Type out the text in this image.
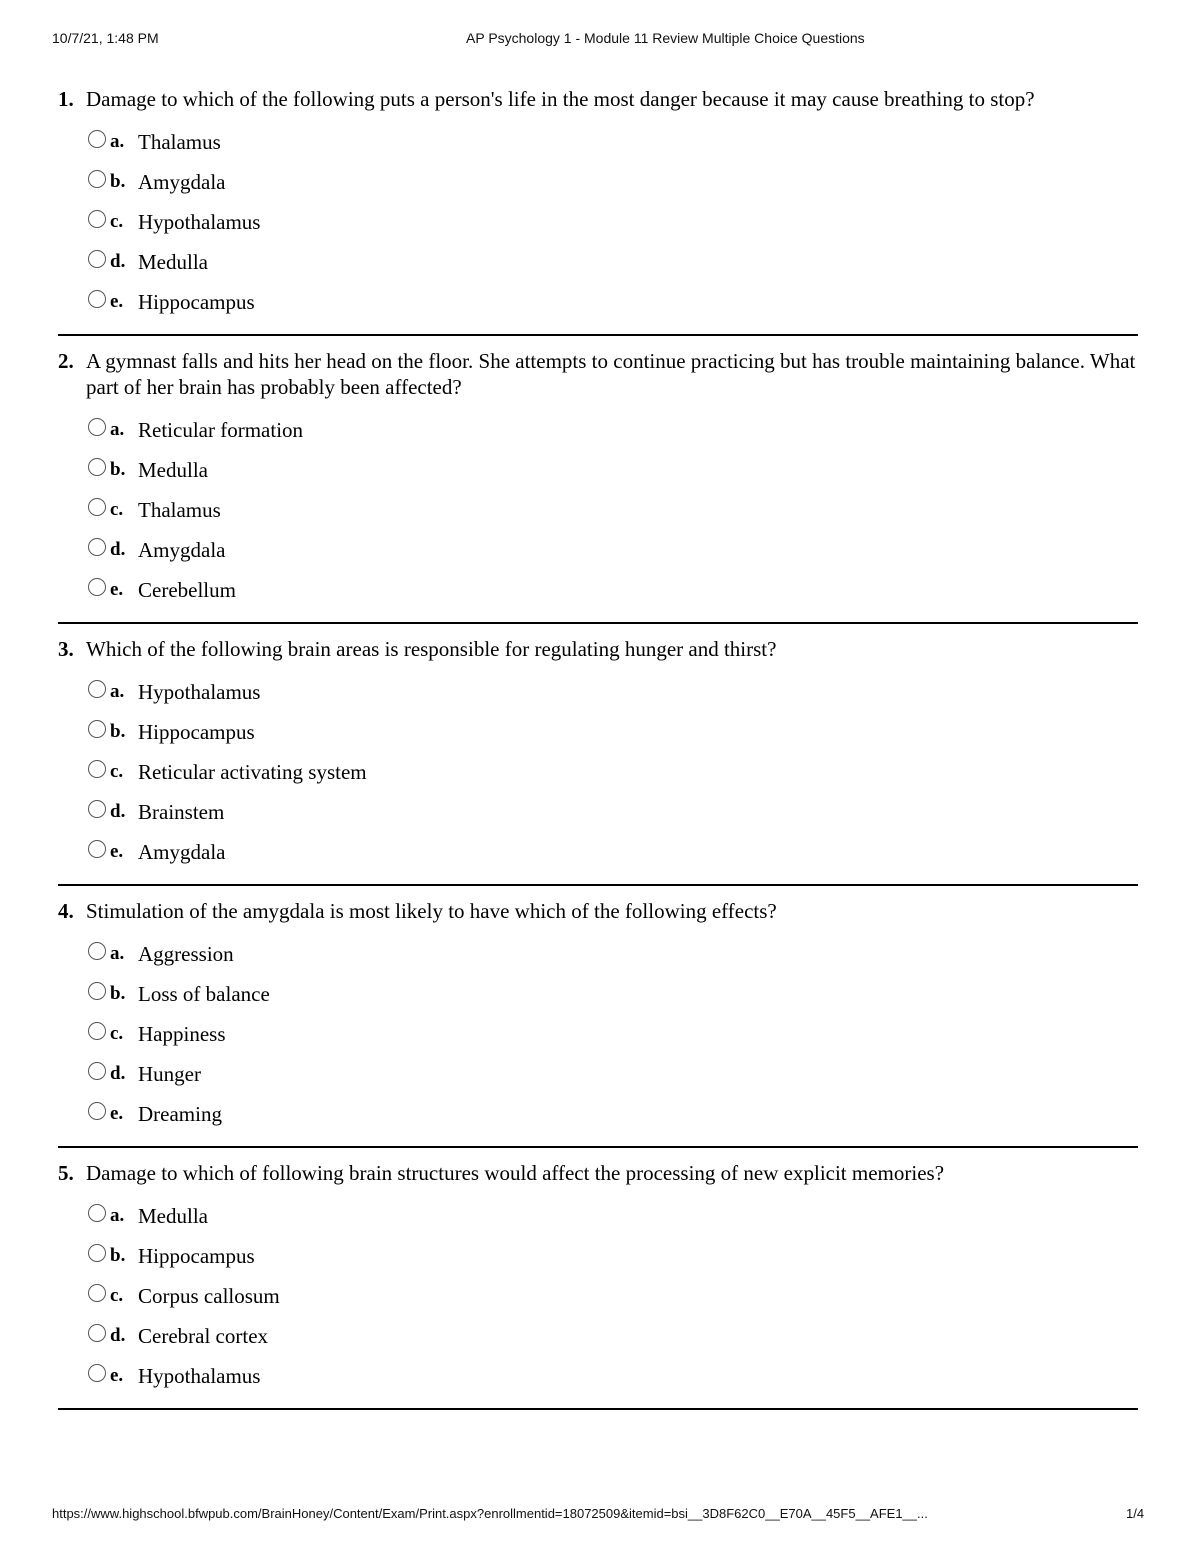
10/7/21, 1:48 PM	AP Psychology 1 - Module 11 Review Multiple Choice Questions
1. Damage to which of the following puts a person's life in the most danger because it may cause breathing to stop?
a. Thalamus
b. Amygdala
c. Hypothalamus
d. Medulla
e. Hippocampus
2. A gymnast falls and hits her head on the floor. She attempts to continue practicing but has trouble maintaining balance. What part of her brain has probably been affected?
a. Reticular formation
b. Medulla
c. Thalamus
d. Amygdala
e. Cerebellum
3. Which of the following brain areas is responsible for regulating hunger and thirst?
a. Hypothalamus
b. Hippocampus
c. Reticular activating system
d. Brainstem
e. Amygdala
4. Stimulation of the amygdala is most likely to have which of the following effects?
a. Aggression
b. Loss of balance
c. Happiness
d. Hunger
e. Dreaming
5. Damage to which of following brain structures would affect the processing of new explicit memories?
a. Medulla
b. Hippocampus
c. Corpus callosum
d. Cerebral cortex
e. Hypothalamus
https://www.highschool.bfwpub.com/BrainHoney/Content/Exam/Print.aspx?enrollmentid=18072509&itemid=bsi__3D8F62C0__E70A__45F5__AFE1__...	1/4
